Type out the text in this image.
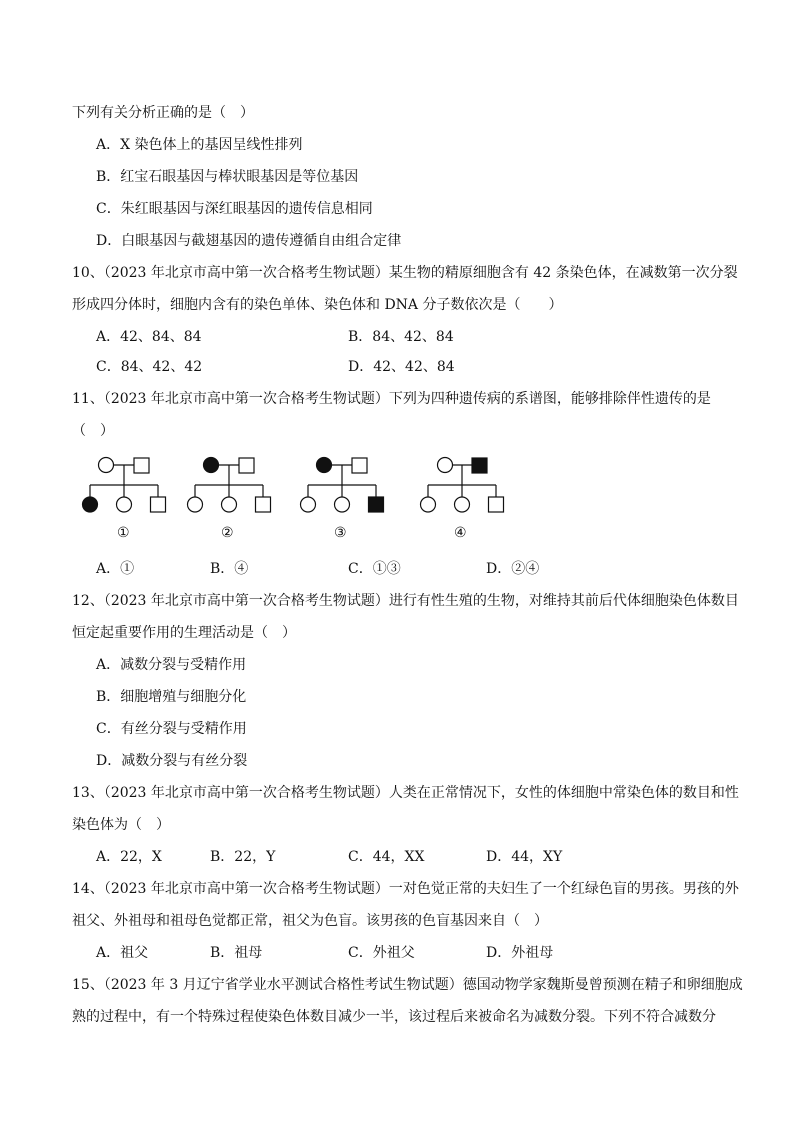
下列有关分析正确的是（　）
A．X 染色体上的基因呈线性排列
B．红宝石眼基因与棒状眼基因是等位基因
C．朱红眼基因与深红眼基因的遗传信息相同
D．白眼基因与截翅基因的遗传遵循自由组合定律
10、（2023 年北京市高中第一次合格考生物试题）某生物的精原细胞含有 42 条染色体，在减数第一次分裂
形成四分体时，细胞内含有的染色单体、染色体和 DNA 分子数依次是（　　）
A．42、84、84	B．84、42、84
C．84、42、42	D．42、42、84
11、（2023 年北京市高中第一次合格考生物试题）下列为四种遗传病的系谱图，能够排除伴性遗传的是
（　）
①	②	③	④
A．①	B．④	C．①③	D．②④
12、（2023 年北京市高中第一次合格考生物试题）进行有性生殖的生物，对维持其前后代体细胞染色体数目
恒定起重要作用的生理活动是（　）
A．减数分裂与受精作用
B．细胞增殖与细胞分化
C．有丝分裂与受精作用
D．减数分裂与有丝分裂
13、（2023 年北京市高中第一次合格考生物试题）人类在正常情况下，女性的体细胞中常染色体的数目和性
染色体为（　）
A．22，X	B．22，Y	C．44，XX	D．44，XY
14、（2023 年北京市高中第一次合格考生物试题）一对色觉正常的夫妇生了一个红绿色盲的男孩。男孩的外
祖父、外祖母和祖母色觉都正常，祖父为色盲。该男孩的色盲基因来自（　）
A．祖父	B．祖母	C．外祖父	D．外祖母
15、（2023 年 3 月辽宁省学业水平测试合格性考试生物试题）德国动物学家魏斯曼曾预测在精子和卵细胞成
熟的过程中，有一个特殊过程使染色体数目减少一半，该过程后来被命名为减数分裂。下列不符合减数分
